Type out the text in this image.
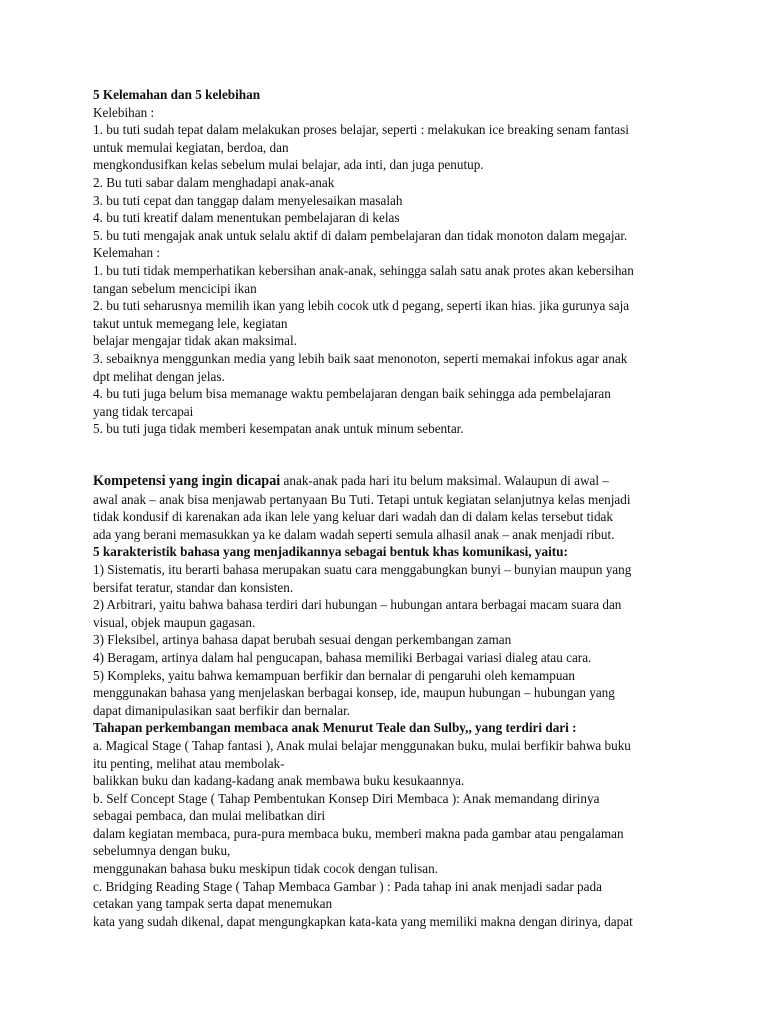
5 Kelemahan dan 5 kelebihan
Kelebihan :
1. bu tuti sudah tepat dalam melakukan proses belajar, seperti : melakukan ice breaking senam fantasi
untuk memulai kegiatan, berdoa, dan
mengkondusifkan kelas sebelum mulai belajar, ada inti, dan juga penutup.
2. Bu tuti sabar dalam menghadapi anak-anak
3. bu tuti cepat dan tanggap dalam menyelesaikan masalah
4. bu tuti kreatif dalam menentukan pembelajaran di kelas
5. bu tuti mengajak anak untuk selalu aktif di dalam pembelajaran dan tidak monoton dalam megajar.
Kelemahan :
1. bu tuti tidak memperhatikan kebersihan anak-anak, sehingga salah satu anak protes akan kebersihan
tangan sebelum mencicipi ikan
2. bu tuti seharusnya memilih ikan yang lebih cocok utk d pegang, seperti ikan hias. jika gurunya saja
takut untuk memegang lele, kegiatan
belajar mengajar tidak akan maksimal.
3. sebaiknya menggunkan media yang lebih baik saat menonoton, seperti memakai infokus agar anak
dpt melihat dengan jelas.
4. bu tuti juga belum bisa memanage waktu pembelajaran dengan baik sehingga ada pembelajaran
yang tidak tercapai
5. bu tuti juga tidak memberi kesempatan anak untuk minum sebentar.
Kompetensi yang ingin dicapai anak-anak pada hari itu belum maksimal. Walaupun di awal –
awal anak – anak bisa menjawab pertanyaan Bu Tuti. Tetapi untuk kegiatan selanjutnya kelas menjadi
tidak kondusif di karenakan ada ikan lele yang keluar dari wadah dan di dalam kelas tersebut tidak
ada yang berani memasukkan ya ke dalam wadah seperti semula alhasil anak – anak menjadi ribut.
5 karakteristik bahasa yang menjadikannya sebagai bentuk khas komunikasi, yaitu:
1) Sistematis, itu berarti bahasa merupakan suatu cara menggabungkan bunyi – bunyian maupun yang
bersifat teratur, standar dan konsisten.
2) Arbitrari, yaitu bahwa bahasa terdiri dari hubungan – hubungan antara berbagai macam suara dan
visual, objek maupun gagasan.
3) Fleksibel, artinya bahasa dapat berubah sesuai dengan perkembangan zaman
4) Beragam, artinya dalam hal pengucapan, bahasa memiliki Berbagai variasi dialeg atau cara.
5) Kompleks, yaitu bahwa kemampuan berfikir dan bernalar di pengaruhi oleh kemampuan
menggunakan bahasa yang menjelaskan berbagai konsep, ide, maupun hubungan – hubungan yang
dapat dimanipulasikan saat berfikir dan bernalar.
Tahapan perkembangan membaca anak Menurut Teale dan Sulby,, yang terdiri dari :
a. Magical Stage ( Tahap fantasi ), Anak mulai belajar menggunakan buku, mulai berfikir bahwa buku
itu penting, melihat atau membolak-
balikkan buku dan kadang-kadang anak membawa buku kesukaannya.
b. Self Concept Stage ( Tahap Pembentukan Konsep Diri Membaca ): Anak memandang dirinya
sebagai pembaca, dan mulai melibatkan diri
dalam kegiatan membaca, pura-pura membaca buku, memberi makna pada gambar atau pengalaman
sebelumnya dengan buku,
menggunakan bahasa buku meskipun tidak cocok dengan tulisan.
c. Bridging Reading Stage ( Tahap Membaca Gambar ) : Pada tahap ini anak menjadi sadar pada
cetakan yang tampak serta dapat menemukan
kata yang sudah dikenal, dapat mengungkapkan kata-kata yang memiliki makna dengan dirinya, dapat
